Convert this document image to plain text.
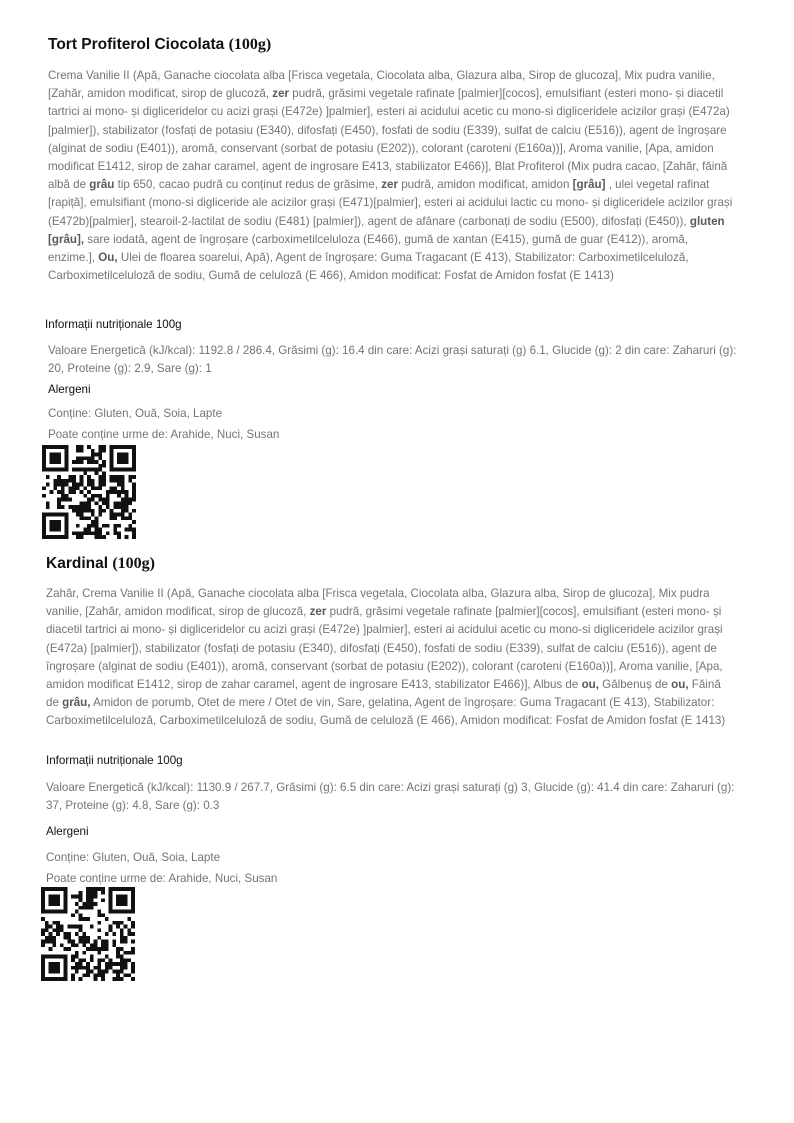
Tort Profiterol Ciocolata (100g)
Crema Vanilie II (Apă, Ganache ciocolata alba [Frisca vegetala, Ciocolata alba, Glazura alba, Sirop de glucoza], Mix pudra vanilie, [Zahăr, amidon modificat, sirop de glucoză, zer pudră, grăsimi vegetale rafinate [palmier][cocos], emulsifiant (esteri mono- și diacetil tartrici ai mono- și digliceridelor cu acizi grași (E472e) ]palmier], esteri ai acidului acetic cu mono-si digliceridele acizilor grași (E472a) [palmier]), stabilizator (fosfați de potasiu (E340), difosfați (E450), fosfati de sodiu (E339), sulfat de calciu (E516)), agent de îngroșare (alginat de sodiu (E401)), aromă, conservant (sorbat de potasiu (E202)), colorant (caroteni (E160a))], Aroma vanilie, [Apa, amidon modificat E1412, sirop de zahar caramel, agent de ingrosare E413, stabilizator E466)], Blat Profiterol (Mix pudra cacao, [Zahăr, făină albă de grâu tip 650, cacao pudră cu conținut redus de grăsime, zer pudră, amidon modificat, amidon [grâu] , ulei vegetal rafinat [rapiță], emulsifiant (mono-si digliceride ale acizilor grași (E471)[palmier], esteri ai acidului lactic cu mono- și digliceridele acizilor grași (E472b)[palmier], stearoil-2-lactilat de sodiu (E481) [palmier]), agent de afânare (carbonați de sodiu (E500), difosfați (E450)), gluten [grâu], sare iodată, agent de îngroșare (carboximetilceluloza (E466), gumă de xantan (E415), gumă de guar (E412)), aromă, enzime.], Ou, Ulei de floarea soarelui, Apă), Agent de îngroșare: Guma Tragacant (E 413), Stabilizator: Carboximetilceluloză, Carboximetilceluloză de sodiu, Gumă de celuloză (E 466), Amidon modificat: Fosfat de Amidon fosfat (E 1413)
Informații nutriționale 100g
Valoare Energetică (kJ/kcal): 1192.8 / 286.4, Grăsimi (g): 16.4 din care: Acizi grași saturați (g) 6.1, Glucide (g): 2 din care: Zaharuri (g): 20, Proteine (g): 2.9, Sare (g): 1
Alergeni
Conține: Gluten, Ouă, Soia, Lapte
Poate conține urme de: Arahide, Nuci, Susan
Kardinal (100g)
Zahăr, Crema Vanilie II (Apă, Ganache ciocolata alba [Frisca vegetala, Ciocolata alba, Glazura alba, Sirop de glucoza], Mix pudra vanilie, [Zahăr, amidon modificat, sirop de glucoză, zer pudră, grăsimi vegetale rafinate [palmier][cocos], emulsifiant (esteri mono- și diacetil tartrici ai mono- și digliceridelor cu acizi grași (E472e) ]palmier], esteri ai acidului acetic cu mono-si digliceridele acizilor grași (E472a) [palmier]), stabilizator (fosfați de potasiu (E340), difosfați (E450), fosfati de sodiu (E339), sulfat de calciu (E516)), agent de îngroșare (alginat de sodiu (E401)), aromă, conservant (sorbat de potasiu (E202)), colorant (caroteni (E160a))], Aroma vanilie, [Apa, amidon modificat E1412, sirop de zahar caramel, agent de ingrosare E413, stabilizator E466)], Albus de ou, Gălbenuș de ou, Făină de grâu, Amidon de porumb, Otet de mere / Otet de vin, Sare, gelatina, Agent de îngroșare: Guma Tragacant (E 413), Stabilizator: Carboximetilceluloză, Carboximetilceluloză de sodiu, Gumă de celuloză (E 466), Amidon modificat: Fosfat de Amidon fosfat (E 1413)
Informații nutriționale 100g
Valoare Energetică (kJ/kcal): 1130.9 / 267.7, Grăsimi (g): 6.5 din care: Acizi grași saturați (g) 3, Glucide (g): 41.4 din care: Zaharuri (g): 37, Proteine (g): 4.8, Sare (g): 0.3
Alergeni
Conține: Gluten, Ouă, Soia, Lapte
Poate conține urme de: Arahide, Nuci, Susan
